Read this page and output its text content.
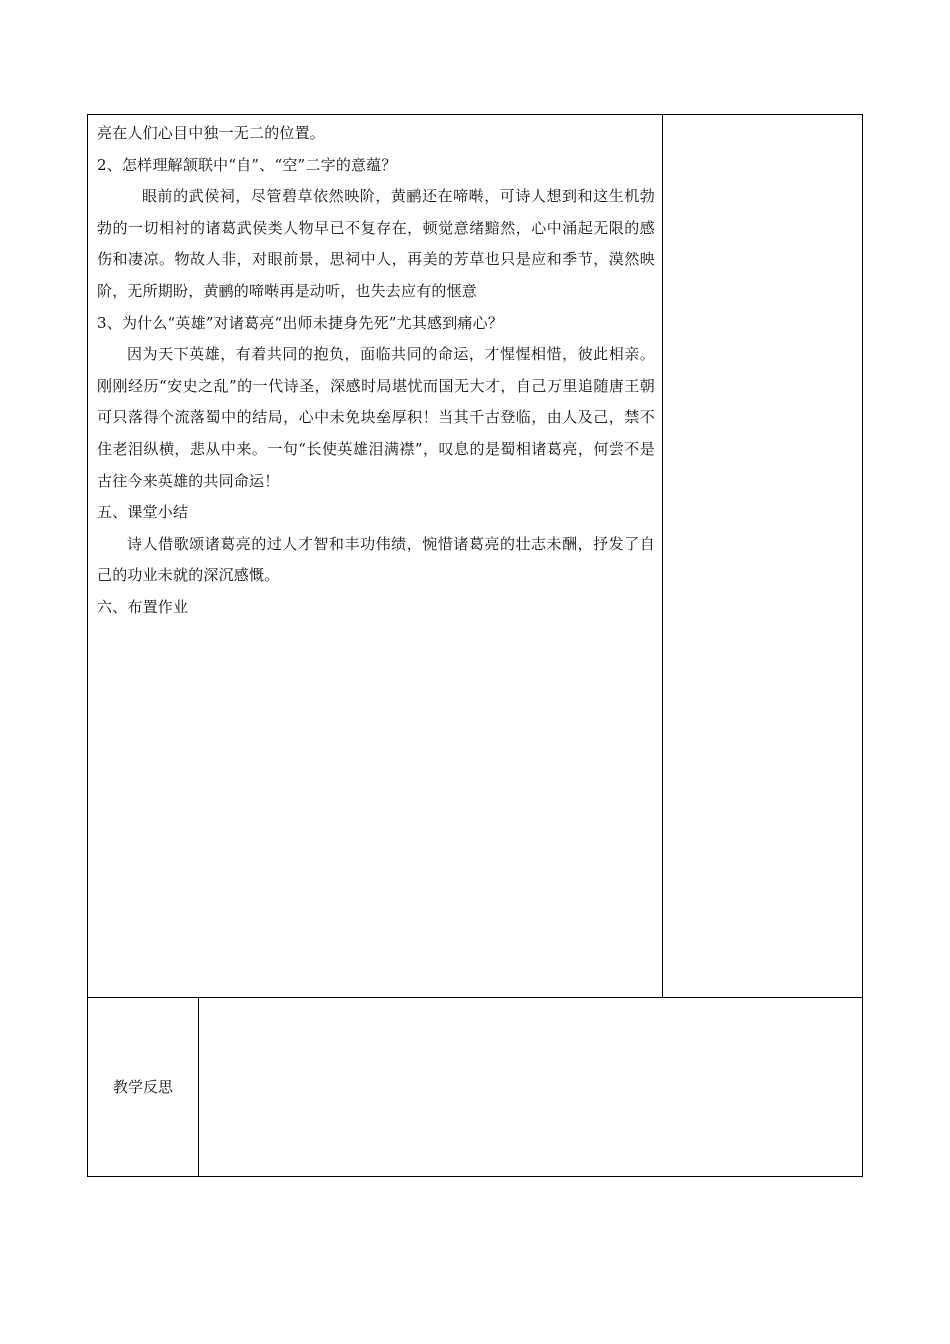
亮在人们心目中独一无二的位置。

2、怎样理解颔联中“自”、“空”二字的意蕴？

眼前的武侯祠，尽管碧草依然映阶，黄鹂还在啼啭，可诗人想到和这生机勃勃的一切相衬的诸葛武侯类人物早已不复存在，顿觉意绪黯然，心中涌起无限的感伤和凄凉。物故人非，对眼前景，思祠中人，再美的芳草也只是应和季节，漠然映阶，无所期盼，黄鹂的啼啭再是动听，也失去应有的惬意

3、为什么“英雄”对诸葛亮“出师未捷身先死”尤其感到痛心？

因为天下英雄，有着共同的抱负，面临共同的命运，才惺惺相惜，彼此相亲。刚刚经历“安史之乱”的一代诗圣，深感时局堪忧而国无大才，自己万里追随唐王朝可只落得个流落蜀中的结局，心中未免块垒厚积！当其千古登临，由人及己，禁不住老泪纵横，悲从中来。一句“长使英雄泪满襟”，叹息的是蜀相诸葛亮，何尝不是古往今来英雄的共同命运！

五、课堂小结

诗人借歌颂诸葛亮的过人才智和丰功伟绩，惋惜诸葛亮的壮志未酬，抒发了自己的功业未就的深沉感慨。

六、布置作业

教学反思
